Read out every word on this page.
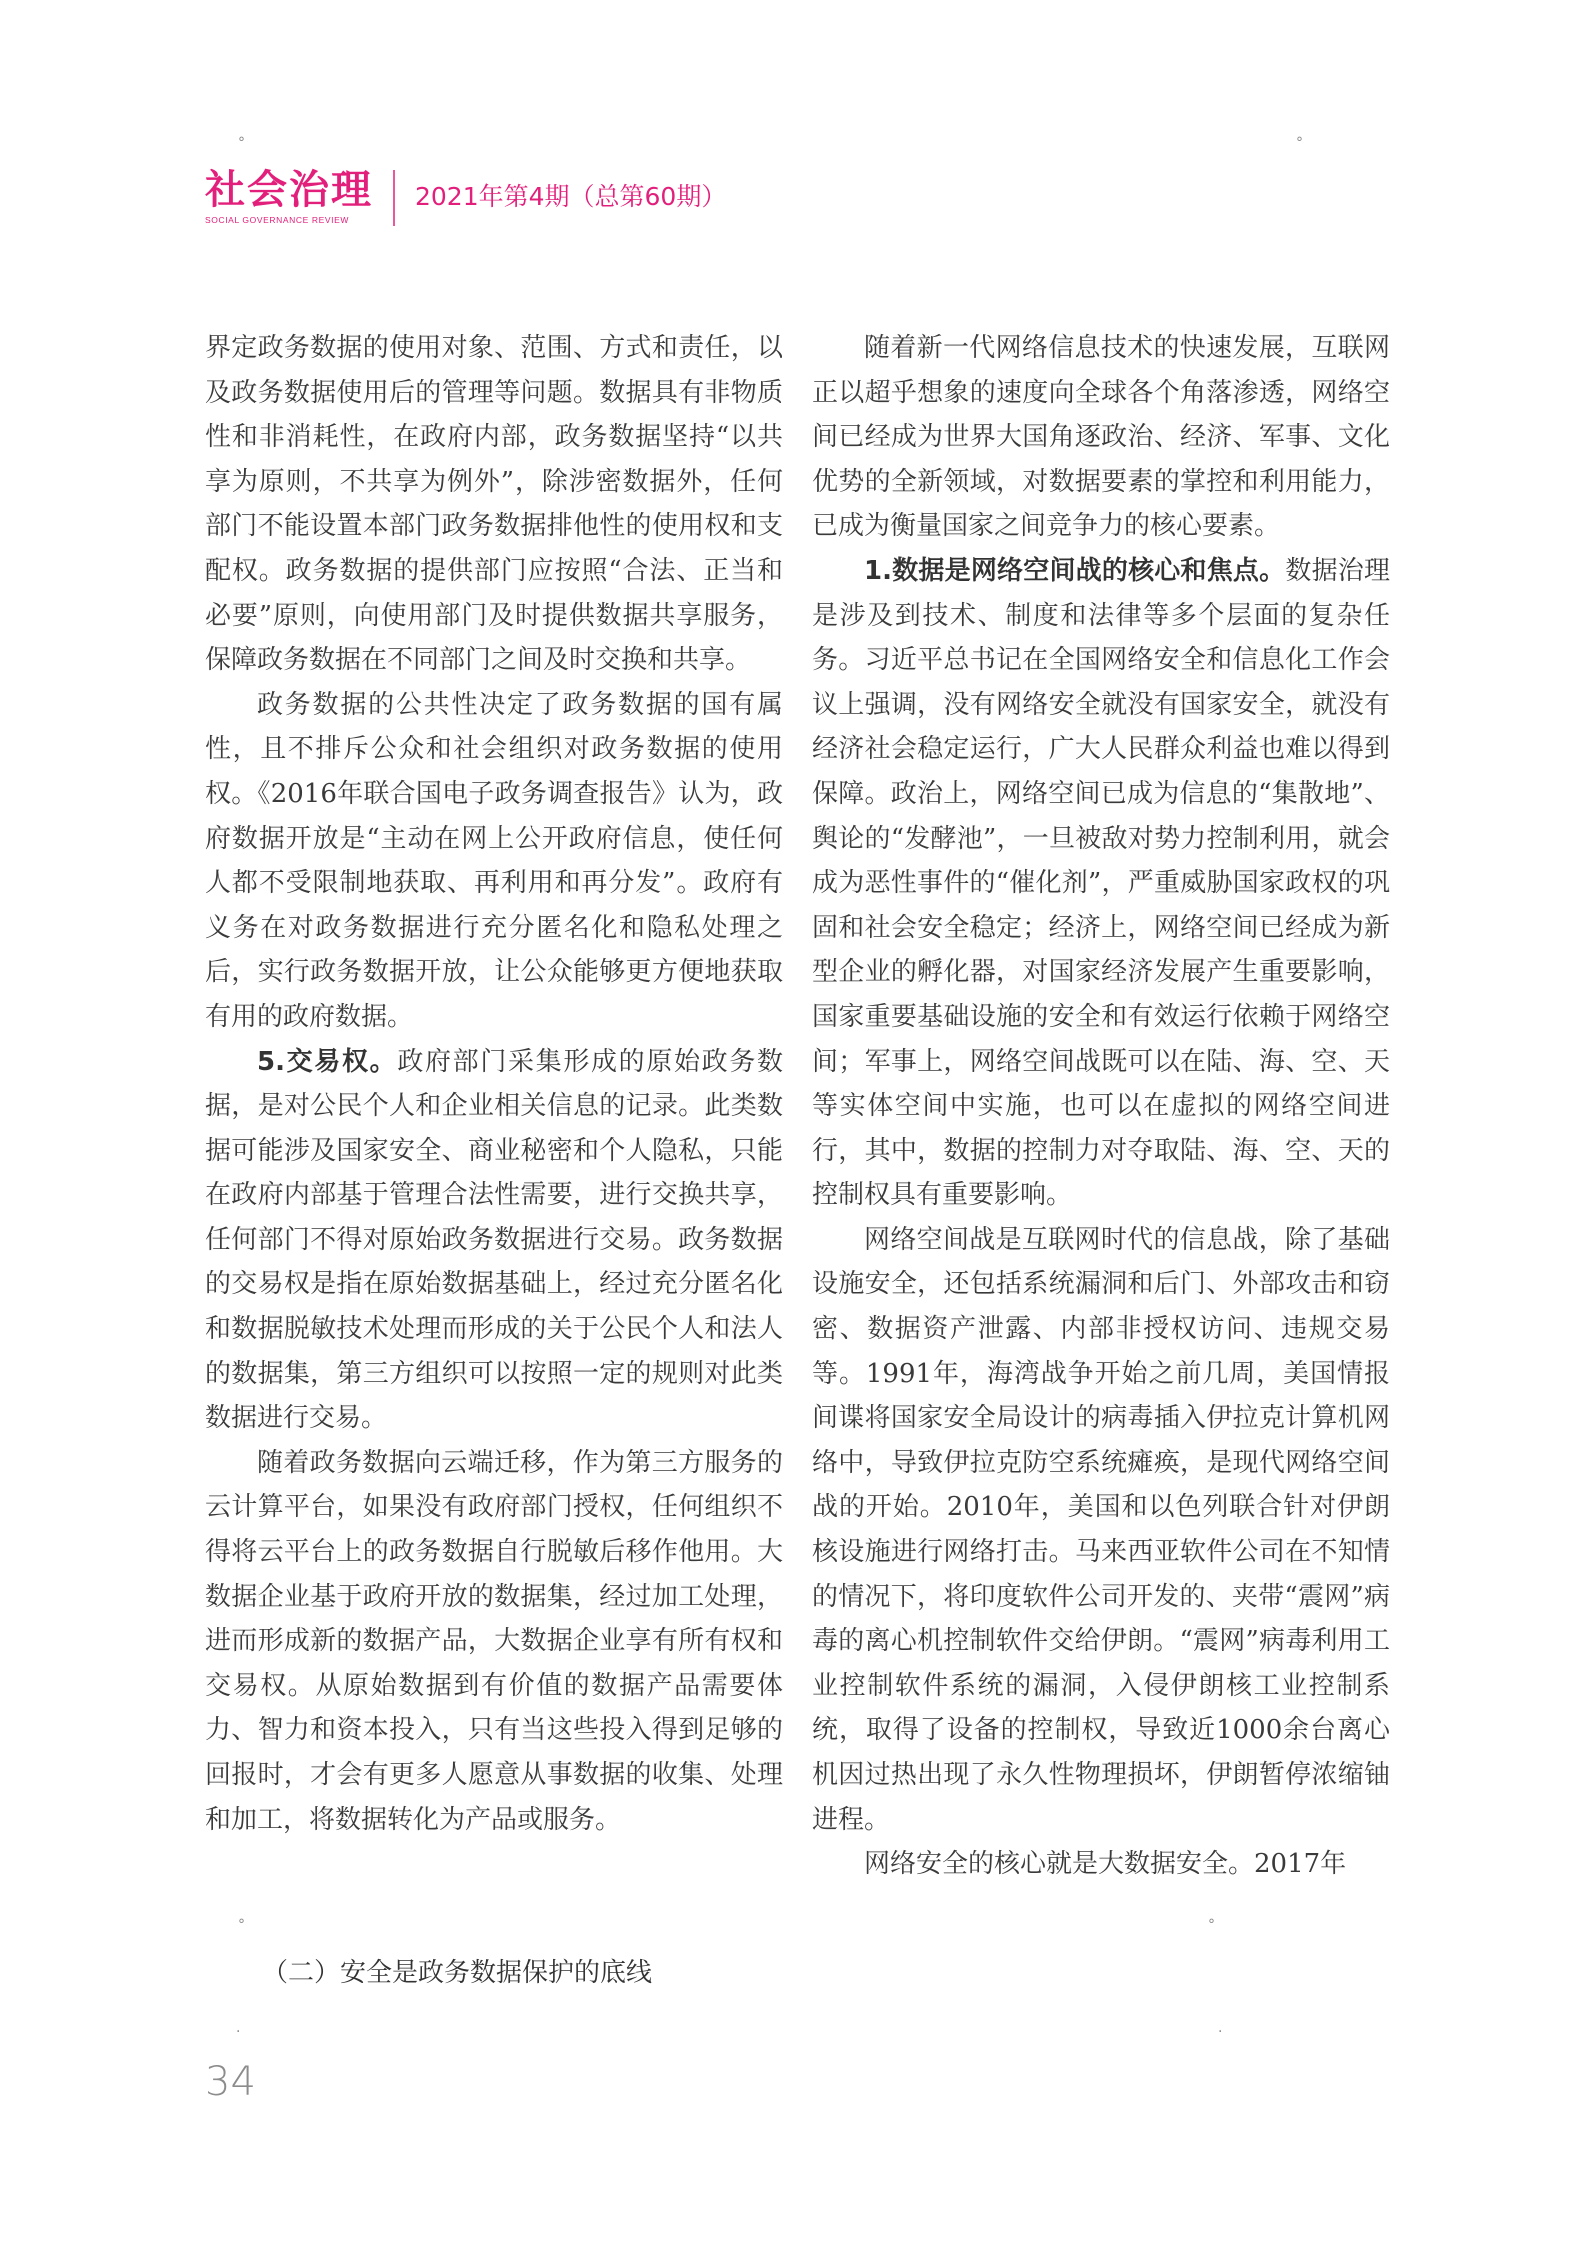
°	°
°	°
·	·
社会治理
SOCIAL GOVERNANCE REVIEW
2021年第4期（总第60期）

界定政务数据的使用对象、范围、方式和责任，以及政务数据使用后的管理等问题。数据具有非物质性和非消耗性，在政府内部，政务数据坚持“以共享为原则，不共享为例外”，除涉密数据外，任何部门不能设置本部门政务数据排他性的使用权和支配权。政务数据的提供部门应按照“合法、正当和必要”原则，向使用部门及时提供数据共享服务，保障政务数据在不同部门之间及时交换和共享。

政务数据的公共性决定了政务数据的国有属性，且不排斥公众和社会组织对政务数据的使用权。《2016年联合国电子政务调查报告》认为，政府数据开放是“主动在网上公开政府信息，使任何人都不受限制地获取、再利用和再分发”。政府有义务在对政务数据进行充分匿名化和隐私处理之后，实行政务数据开放，让公众能够更方便地获取有用的政府数据。

5.交易权。政府部门采集形成的原始政务数据，是对公民个人和企业相关信息的记录。此类数据可能涉及国家安全、商业秘密和个人隐私，只能在政府内部基于管理合法性需要，进行交换共享，任何部门不得对原始政务数据进行交易。政务数据的交易权是指在原始数据基础上，经过充分匿名化和数据脱敏技术处理而形成的关于公民个人和法人的数据集，第三方组织可以按照一定的规则对此类数据进行交易。

随着政务数据向云端迁移，作为第三方服务的云计算平台，如果没有政府部门授权，任何组织不得将云平台上的政务数据自行脱敏后移作他用。大数据企业基于政府开放的数据集，经过加工处理，进而形成新的数据产品，大数据企业享有所有权和交易权。从原始数据到有价值的数据产品需要体力、智力和资本投入，只有当这些投入得到足够的回报时，才会有更多人愿意从事数据的收集、处理和加工，将数据转化为产品或服务。

（二）安全是政务数据保护的底线

随着新一代网络信息技术的快速发展，互联网正以超乎想象的速度向全球各个角落渗透，网络空间已经成为世界大国角逐政治、经济、军事、文化优势的全新领域，对数据要素的掌控和利用能力，已成为衡量国家之间竞争力的核心要素。

1.数据是网络空间战的核心和焦点。数据治理是涉及到技术、制度和法律等多个层面的复杂任务。习近平总书记在全国网络安全和信息化工作会议上强调，没有网络安全就没有国家安全，就没有经济社会稳定运行，广大人民群众利益也难以得到保障。政治上，网络空间已成为信息的“集散地”、舆论的“发酵池”，一旦被敌对势力控制利用，就会成为恶性事件的“催化剂”，严重威胁国家政权的巩固和社会安全稳定；经济上，网络空间已经成为新型企业的孵化器，对国家经济发展产生重要影响，国家重要基础设施的安全和有效运行依赖于网络空间；军事上，网络空间战既可以在陆、海、空、天等实体空间中实施，也可以在虚拟的网络空间进行，其中，数据的控制力对夺取陆、海、空、天的控制权具有重要影响。

网络空间战是互联网时代的信息战，除了基础设施安全，还包括系统漏洞和后门、外部攻击和窃密、数据资产泄露、内部非授权访问、违规交易等。1991年，海湾战争开始之前几周，美国情报间谍将国家安全局设计的病毒插入伊拉克计算机网络中，导致伊拉克防空系统瘫痪，是现代网络空间战的开始。2010年，美国和以色列联合针对伊朗核设施进行网络打击。马来西亚软件公司在不知情的情况下，将印度软件公司开发的、夹带“震网”病毒的离心机控制软件交给伊朗。“震网”病毒利用工业控制软件系统的漏洞，入侵伊朗核工业控制系统，取得了设备的控制权，导致近1000余台离心机因过热出现了永久性物理损坏，伊朗暂停浓缩铀进程。

网络安全的核心就是大数据安全。2017年

34
